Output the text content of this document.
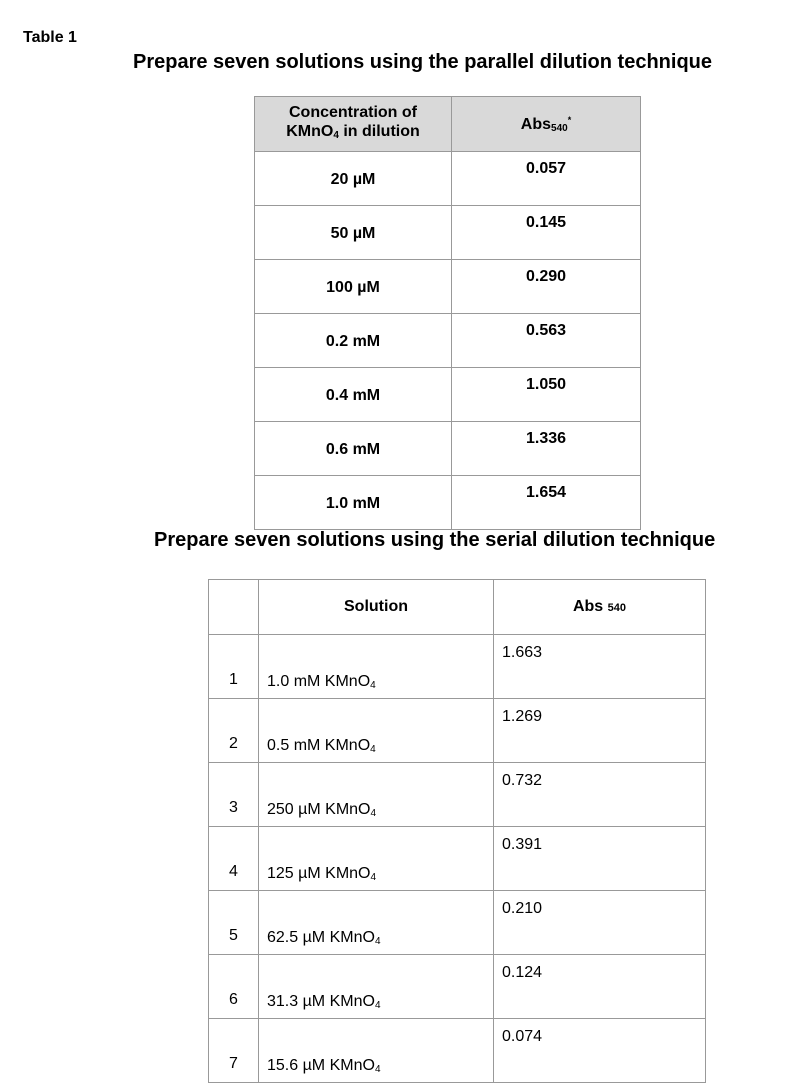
Table 1
Prepare seven solutions using the parallel dilution technique
Concentration of
KMnO$_4$ in dilution	Abs$_{540}$*
20 µM	0.057
50 µM	0.145
100 µM	0.290
0.2 mM	0.563
0.4 mM	1.050
0.6 mM	1.336
1.0 mM	1.654
Prepare seven solutions using the serial dilution technique
	Solution	Abs 540
1	1.0 mM KMnO$_4$	1.663
2	0.5 mM KMnO$_4$	1.269
3	250 µM KMnO$_4$	0.732
4	125 µM KMnO$_4$	0.391
5	62.5 µM KMnO$_4$	0.210
6	31.3 µM KMnO$_4$	0.124
7	15.6 µM KMnO$_4$	0.074
